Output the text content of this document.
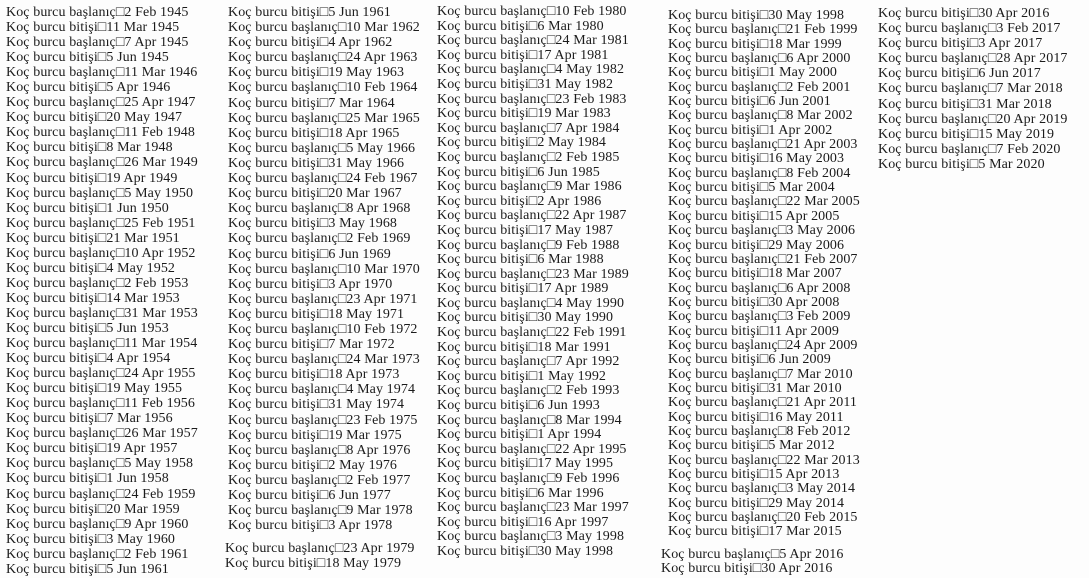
Koç burcu başlanıç□2 Feb 1945
Koç burcu bitişi□11 Mar 1945
Koç burcu başlanıç□7 Apr 1945
Koç burcu bitişi□5 Jun 1945
Koç burcu başlanıç□11 Mar 1946
Koç burcu bitişi□5 Apr 1946
Koç burcu başlanıç□25 Apr 1947
Koç burcu bitişi□20 May 1947
Koç burcu başlanıç□11 Feb 1948
Koç burcu bitişi□8 Mar 1948
Koç burcu başlanıç□26 Mar 1949
Koç burcu bitişi□19 Apr 1949
Koç burcu başlanıç□5 May 1950
Koç burcu bitişi□1 Jun 1950
Koç burcu başlanıç□25 Feb 1951
Koç burcu bitişi□21 Mar 1951
Koç burcu başlanıç□10 Apr 1952
Koç burcu bitişi□4 May 1952
Koç burcu başlanıç□2 Feb 1953
Koç burcu bitişi□14 Mar 1953
Koç burcu başlanıç□31 Mar 1953
Koç burcu bitişi□5 Jun 1953
Koç burcu başlanıç□11 Mar 1954
Koç burcu bitişi□4 Apr 1954
Koç burcu başlanıç□24 Apr 1955
Koç burcu bitişi□19 May 1955
Koç burcu başlanıç□11 Feb 1956
Koç burcu bitişi□7 Mar 1956
Koç burcu başlanıç□26 Mar 1957
Koç burcu bitişi□19 Apr 1957
Koç burcu başlanıç□5 May 1958
Koç burcu bitişi□1 Jun 1958
Koç burcu başlanıç□24 Feb 1959
Koç burcu bitişi□20 Mar 1959
Koç burcu başlanıç□9 Apr 1960
Koç burcu bitişi□3 May 1960
Koç burcu başlanıç□2 Feb 1961
Koç burcu bitişi□5 Jun 1961
Koç burcu bitişi□5 Jun 1961
Koç burcu başlanıç□10 Mar 1962
Koç burcu bitişi□4 Apr 1962
Koç burcu başlanıç□24 Apr 1963
Koç burcu bitişi□19 May 1963
Koç burcu başlanıç□10 Feb 1964
Koç burcu bitişi□7 Mar 1964
Koç burcu başlanıç□25 Mar 1965
Koç burcu bitişi□18 Apr 1965
Koç burcu başlanıç□5 May 1966
Koç burcu bitişi□31 May 1966
Koç burcu başlanıç□24 Feb 1967
Koç burcu bitişi□20 Mar 1967
Koç burcu başlanıç□8 Apr 1968
Koç burcu bitişi□3 May 1968
Koç burcu başlanıç□2 Feb 1969
Koç burcu bitişi□6 Jun 1969
Koç burcu başlanıç□10 Mar 1970
Koç burcu bitişi□3 Apr 1970
Koç burcu başlanıç□23 Apr 1971
Koç burcu bitişi□18 May 1971
Koç burcu başlanıç□10 Feb 1972
Koç burcu bitişi□7 Mar 1972
Koç burcu başlanıç□24 Mar 1973
Koç burcu bitişi□18 Apr 1973
Koç burcu başlanıç□4 May 1974
Koç burcu bitişi□31 May 1974
Koç burcu başlanıç□23 Feb 1975
Koç burcu bitişi□19 Mar 1975
Koç burcu başlanıç□8 Apr 1976
Koç burcu bitişi□2 May 1976
Koç burcu başlanıç□2 Feb 1977
Koç burcu bitişi□6 Jun 1977
Koç burcu başlanıç□9 Mar 1978
Koç burcu bitişi□3 Apr 1978
Koç burcu başlanıç□23 Apr 1979
Koç burcu bitişi□18 May 1979
Koç burcu başlanıç□10 Feb 1980
Koç burcu bitişi□6 Mar 1980
Koç burcu başlanıç□24 Mar 1981
Koç burcu bitişi□17 Apr 1981
Koç burcu başlanıç□4 May 1982
Koç burcu bitişi□31 May 1982
Koç burcu başlanıç□23 Feb 1983
Koç burcu bitişi□19 Mar 1983
Koç burcu başlanıç□7 Apr 1984
Koç burcu bitişi□2 May 1984
Koç burcu başlanıç□2 Feb 1985
Koç burcu bitişi□6 Jun 1985
Koç burcu başlanıç□9 Mar 1986
Koç burcu bitişi□2 Apr 1986
Koç burcu başlanıç□22 Apr 1987
Koç burcu bitişi□17 May 1987
Koç burcu başlanıç□9 Feb 1988
Koç burcu bitişi□6 Mar 1988
Koç burcu başlanıç□23 Mar 1989
Koç burcu bitişi□17 Apr 1989
Koç burcu başlanıç□4 May 1990
Koç burcu bitişi□30 May 1990
Koç burcu başlanıç□22 Feb 1991
Koç burcu bitişi□18 Mar 1991
Koç burcu başlanıç□7 Apr 1992
Koç burcu bitişi□1 May 1992
Koç burcu başlanıç□2 Feb 1993
Koç burcu bitişi□6 Jun 1993
Koç burcu başlanıç□8 Mar 1994
Koç burcu bitişi□1 Apr 1994
Koç burcu başlanıç□22 Apr 1995
Koç burcu bitişi□17 May 1995
Koç burcu başlanıç□9 Feb 1996
Koç burcu bitişi□6 Mar 1996
Koç burcu başlanıç□23 Mar 1997
Koç burcu bitişi□16 Apr 1997
Koç burcu başlanıç□3 May 1998
Koç burcu bitişi□30 May 1998
Koç burcu bitişi□30 May 1998
Koç burcu başlanıç□21 Feb 1999
Koç burcu bitişi□18 Mar 1999
Koç burcu başlanıç□6 Apr 2000
Koç burcu bitişi□1 May 2000
Koç burcu başlanıç□2 Feb 2001
Koç burcu bitişi□6 Jun 2001
Koç burcu başlanıç□8 Mar 2002
Koç burcu bitişi□1 Apr 2002
Koç burcu başlanıç□21 Apr 2003
Koç burcu bitişi□16 May 2003
Koç burcu başlanıç□8 Feb 2004
Koç burcu bitişi□5 Mar 2004
Koç burcu başlanıç□22 Mar 2005
Koç burcu bitişi□15 Apr 2005
Koç burcu başlanıç□3 May 2006
Koç burcu bitişi□29 May 2006
Koç burcu başlanıç□21 Feb 2007
Koç burcu bitişi□18 Mar 2007
Koç burcu başlanıç□6 Apr 2008
Koç burcu bitişi□30 Apr 2008
Koç burcu başlanıç□3 Feb 2009
Koç burcu bitişi□11 Apr 2009
Koç burcu başlanıç□24 Apr 2009
Koç burcu bitişi□6 Jun 2009
Koç burcu başlanıç□7 Mar 2010
Koç burcu bitişi□31 Mar 2010
Koç burcu başlanıç□21 Apr 2011
Koç burcu bitişi□16 May 2011
Koç burcu başlanıç□8 Feb 2012
Koç burcu bitişi□5 Mar 2012
Koç burcu başlanıç□22 Mar 2013
Koç burcu bitişi□15 Apr 2013
Koç burcu başlanıç□3 May 2014
Koç burcu bitişi□29 May 2014
Koç burcu başlanıç□20 Feb 2015
Koç burcu bitişi□17 Mar 2015
Koç burcu başlanıç□5 Apr 2016
Koç burcu bitişi□30 Apr 2016
Koç burcu bitişi□30 Apr 2016
Koç burcu başlanıç□3 Feb 2017
Koç burcu bitişi□3 Apr 2017
Koç burcu başlanıç□28 Apr 2017
Koç burcu bitişi□6 Jun 2017
Koç burcu başlanıç□7 Mar 2018
Koç burcu bitişi□31 Mar 2018
Koç burcu başlanıç□20 Apr 2019
Koç burcu bitişi□15 May 2019
Koç burcu başlanıç□7 Feb 2020
Koç burcu bitişi□5 Mar 2020
